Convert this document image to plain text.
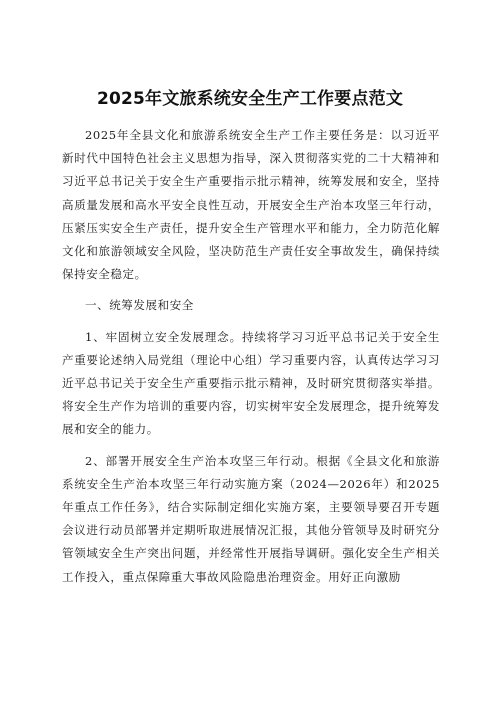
2025年文旅系统安全生产工作要点范文

2025年全县文化和旅游系统安全生产工作主要任务是：以习近平新时代中国特色社会主义思想为指导，深入贯彻落实党的二十大精神和习近平总书记关于安全生产重要指示批示精神，统筹发展和安全，坚持高质量发展和高水平安全良性互动，开展安全生产治本攻坚三年行动，压紧压实安全生产责任，提升安全生产管理水平和能力，全力防范化解文化和旅游领域安全风险，坚决防范生产责任安全事故发生，确保持续保持安全稳定。

一、统筹发展和安全

1、牢固树立安全发展理念。持续将学习习近平总书记关于安全生产重要论述纳入局党组（理论中心组）学习重要内容，认真传达学习习近平总书记关于安全生产重要指示批示精神，及时研究贯彻落实举措。将安全生产作为培训的重要内容，切实树牢安全发展理念，提升统筹发展和安全的能力。

2、部署开展安全生产治本攻坚三年行动。根据《全县文化和旅游系统安全生产治本攻坚三年行动实施方案（2024—2026年）和2025年重点工作任务》，结合实际制定细化实施方案，主要领导要召开专题会议进行动员部署并定期听取进展情况汇报，其他分管领导及时研究分管领域安全生产突出问题，并经常性开展指导调研。强化安全生产相关工作投入，重点保障重大事故风险隐患治理资金。用好正向激励
